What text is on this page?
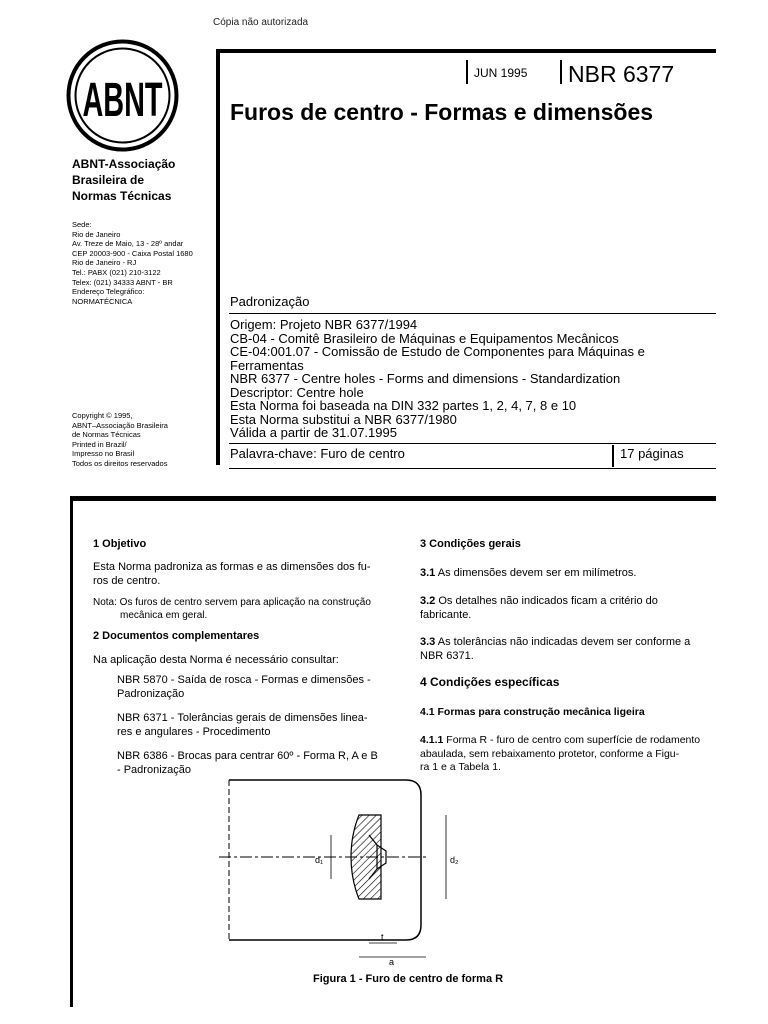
Cópia não autorizada
ABNT
ABNT-Associação
Brasileira de
Normas Técnicas
Sede:
Rio de Janeiro
Av. Treze de Maio, 13 - 28º andar
CEP 20003-900 - Caixa Postal 1680
Rio de Janeiro - RJ
Tel.: PABX (021) 210-3122
Telex: (021) 34333 ABNT - BR
Endereço Telegráfico:
NORMATÉCNICA
Copyright © 1995,
ABNT–Associação Brasileira
de Normas Técnicas
Printed in Brazil/
Impresso no Brasil
Todos os direitos reservados
JUN 1995 NBR 6377
Furos de centro - Formas e dimensões
Padronização
Origem: Projeto NBR 6377/1994
CB-04 - Comitê Brasileiro de Máquinas e Equipamentos Mecânicos
CE-04:001.07 - Comissão de Estudo de Componentes para Máquinas e
Ferramentas
NBR 6377 - Centre holes - Forms and dimensions - Standardization
Descriptor: Centre hole
Esta Norma foi baseada na DIN 332 partes 1, 2, 4, 7, 8 e 10
Esta Norma substitui a NBR 6377/1980
Válida a partir de 31.07.1995
Palavra-chave: Furo de centro	17 páginas
1 Objetivo
Esta Norma padroniza as formas e as dimensões dos fu-
ros de centro.
Nota: Os furos de centro servem para aplicação na construção
mecânica em geral.
2 Documentos complementares
Na aplicação desta Norma é necessário consultar:
NBR 5870 - Saída de rosca - Formas e dimensões -
Padronização
NBR 6371 - Tolerâncias gerais de dimensões linea-
res e angulares - Procedimento
NBR 6386 - Brocas para centrar 60º - Forma R, A e B
- Padronização
3 Condições gerais
3.1 As dimensões devem ser em milímetros.
3.2 Os detalhes não indicados ficam a critério do
fabricante.
3.3 As tolerâncias não indicadas devem ser conforme a
NBR 6371.
4 Condições específicas
4.1 Formas para construção mecânica ligeira
4.1.1 Forma R - furo de centro com superfície de rodamento
abaulada, sem rebaixamento protetor, conforme a Figu-
ra 1 e a Tabela 1.
d₁	d₂
t
a
Figura 1 - Furo de centro de forma R
